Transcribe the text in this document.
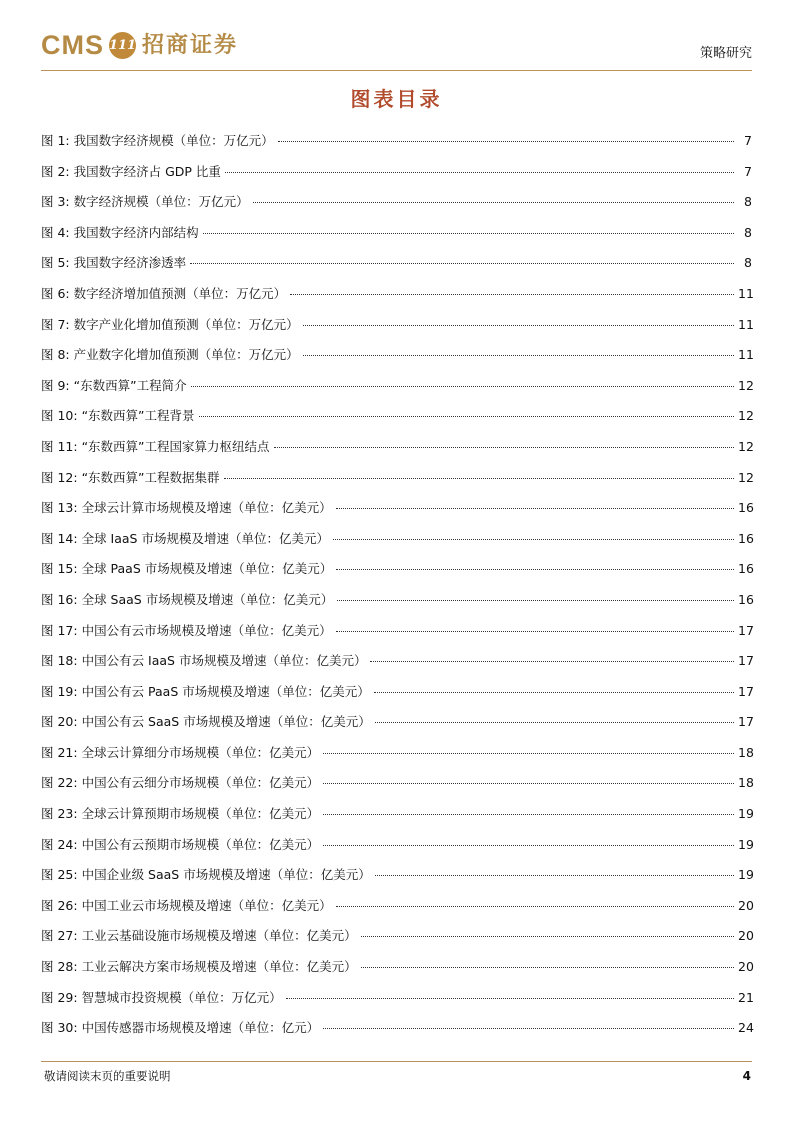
CMS 111 招商证券	策略研究
图表目录
图 1: 我国数字经济规模（单位：万亿元）	7
图 2: 我国数字经济占 GDP 比重	7
图 3: 数字经济规模（单位：万亿元）	8
图 4: 我国数字经济内部结构	8
图 5: 我国数字经济渗透率	8
图 6: 数字经济增加值预测（单位：万亿元）	11
图 7: 数字产业化增加值预测（单位：万亿元）	11
图 8: 产业数字化增加值预测（单位：万亿元）	11
图 9: “东数西算”工程简介	12
图 10: “东数西算”工程背景	12
图 11: “东数西算”工程国家算力枢纽结点	12
图 12: “东数西算”工程数据集群	12
图 13: 全球云计算市场规模及增速（单位：亿美元）	16
图 14: 全球 IaaS 市场规模及增速（单位：亿美元）	16
图 15: 全球 PaaS 市场规模及增速（单位：亿美元）	16
图 16: 全球 SaaS 市场规模及增速（单位：亿美元）	16
图 17: 中国公有云市场规模及增速（单位：亿美元）	17
图 18: 中国公有云 IaaS 市场规模及增速（单位：亿美元）	17
图 19: 中国公有云 PaaS 市场规模及增速（单位：亿美元）	17
图 20: 中国公有云 SaaS 市场规模及增速（单位：亿美元）	17
图 21: 全球云计算细分市场规模（单位：亿美元）	18
图 22: 中国公有云细分市场规模（单位：亿美元）	18
图 23: 全球云计算预期市场规模（单位：亿美元）	19
图 24: 中国公有云预期市场规模（单位：亿美元）	19
图 25: 中国企业级 SaaS 市场规模及增速（单位：亿美元）	19
图 26: 中国工业云市场规模及增速（单位：亿美元）	20
图 27: 工业云基础设施市场规模及增速（单位：亿美元）	20
图 28: 工业云解决方案市场规模及增速（单位：亿美元）	20
图 29: 智慧城市投资规模（单位：万亿元）	21
图 30: 中国传感器市场规模及增速（单位：亿元）	24
敬请阅读末页的重要说明	4
